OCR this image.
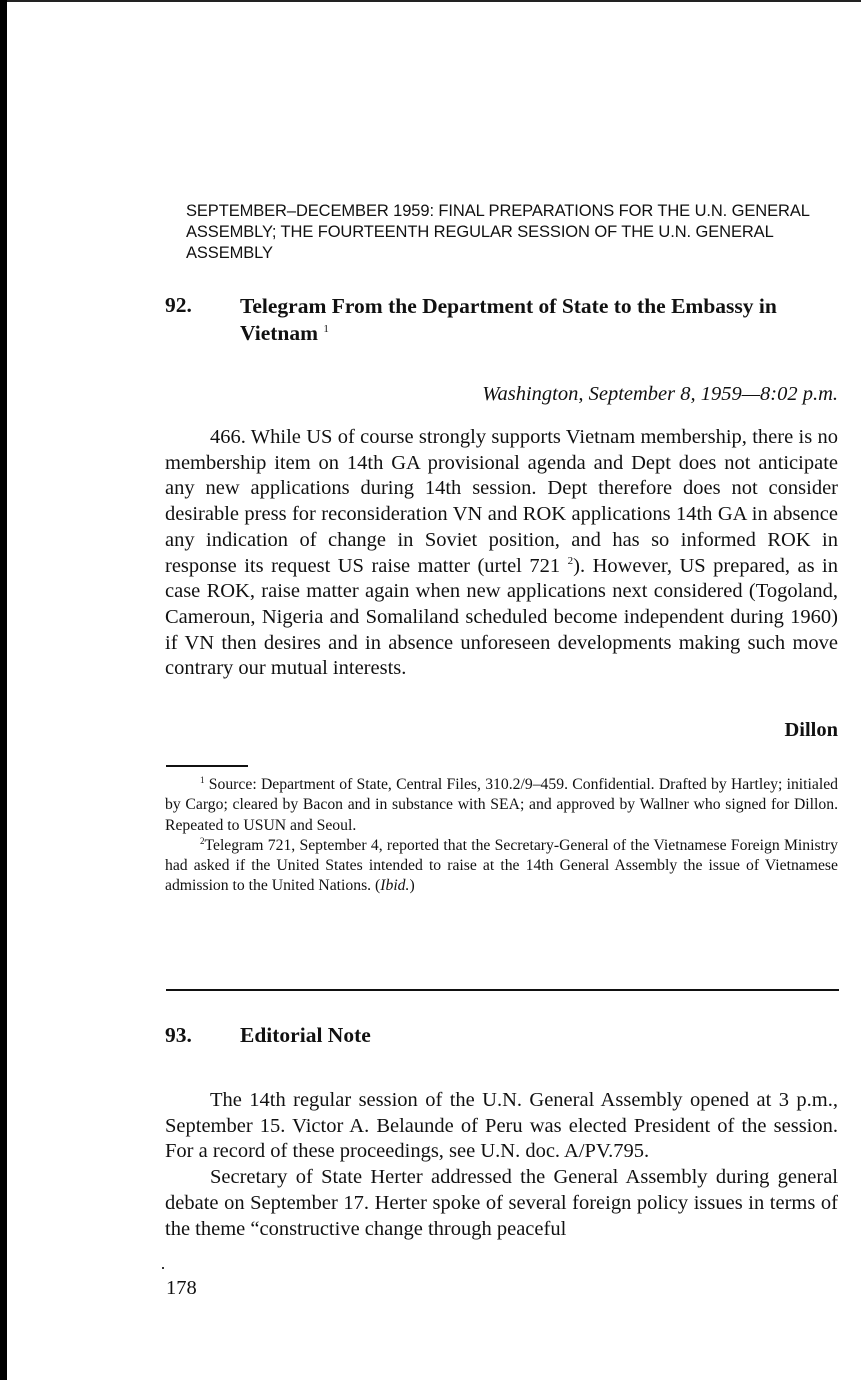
SEPTEMBER–DECEMBER 1959: FINAL PREPARATIONS FOR THE U.N. GENERAL ASSEMBLY; THE FOURTEENTH REGULAR SESSION OF THE U.N. GENERAL ASSEMBLY
92. Telegram From the Department of State to the Embassy in Vietnam $^1$
Washington, September 8, 1959—8:02 p.m.

466. While US of course strongly supports Vietnam membership, there is no membership item on 14th GA provisional agenda and Dept does not anticipate any new applications during 14th session. Dept therefore does not consider desirable press for reconsideration VN and ROK applications 14th GA in absence any indication of change in Soviet position, and has so informed ROK in response its request US raise matter (urtel 721 $^2$). However, US prepared, as in case ROK, raise matter again when new applications next considered (Togoland, Cameroun, Nigeria and Somaliland scheduled become independent during 1960) if VN then desires and in absence unforeseen developments making such move contrary our mutual interests.

Dillon

$^1$ Source: Department of State, Central Files, 310.2/9–459. Confidential. Drafted by Hartley; initialed by Cargo; cleared by Bacon and in substance with SEA; and approved by Wallner who signed for Dillon. Repeated to USUN and Seoul.

$^2$Telegram 721, September 4, reported that the Secretary-General of the Vietnamese Foreign Ministry had asked if the United States intended to raise at the 14th General Assembly the issue of Vietnamese admission to the United Nations. (Ibid.)

93. Editorial Note

The 14th regular session of the U.N. General Assembly opened at 3 p.m., September 15. Victor A. Belaunde of Peru was elected President of the session. For a record of these proceedings, see U.N. doc. A/PV.795.

Secretary of State Herter addressed the General Assembly during general debate on September 17. Herter spoke of several foreign policy issues in terms of the theme “constructive change through peaceful

178
